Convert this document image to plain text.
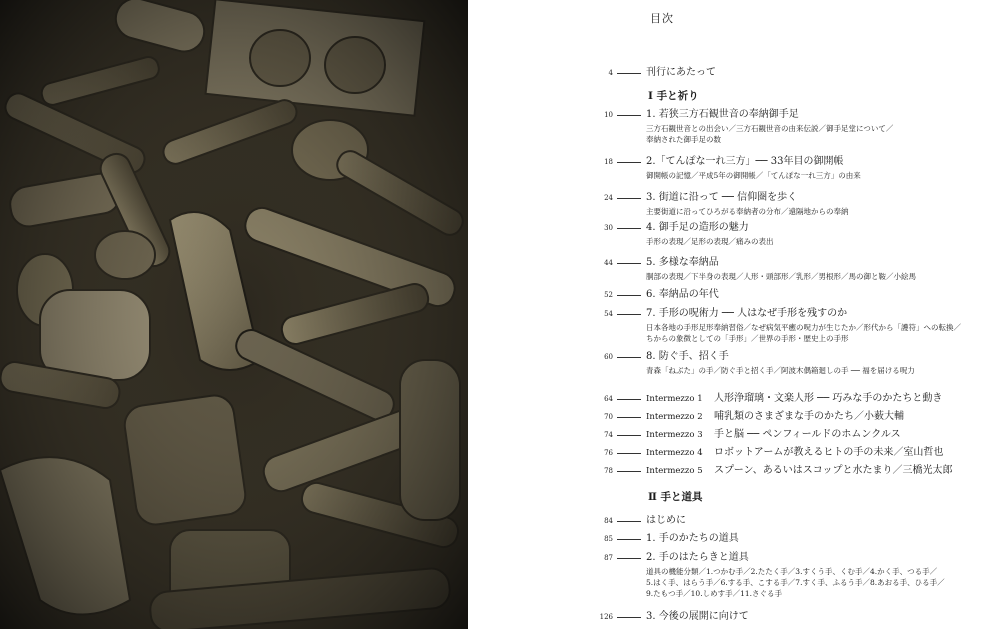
目次
Ⅰ 手と祈り
Ⅱ 手と道具
4	刊行にあたって
10	1. 若狭三方石観世音の奉納御手足
三方石観世音との出会い／三方石観世音の由来伝説／御手足堂について／
奉納された御手足の数
18	2.「てんぽな一れ三方」── 33年目の御開帳
御開帳の記憶／平成5年の御開帳／「てんぽな一れ三方」の由来
24	3. 街道に沿って ── 信仰圏を歩く
主要街道に沿ってひろがる奉納者の分布／遠隔地からの奉納
30	4. 御手足の造形の魅力
手形の表現／足形の表現／痛みの表出
44	5. 多様な奉納品
胴部の表現／下半身の表現／人形・頭部形／乳形／男根形／馬の御と鞍／小絵馬
52	6. 奉納品の年代
54	7. 手形の呪術力 ── 人はなぜ手形を残すのか
日本各地の手形足形奉納習俗／なぜ病気平癒の呪力が生じたか／形代から「護符」への転換／
ちからの象徴としての「手形」／世界の手形・歴史上の手形
60	8. 防ぐ手、招く手
青森「ねぶた」の手／防ぐ手と招く手／阿波木偶箱廻しの手 ── 福を届ける呪力
64	Intermezzo 1 人形浄瑠璃・文楽人形 ── 巧みな手のかたちと動き
70	Intermezzo 2 哺乳類のさまざまな手のかたち／小薮大輔
74	Intermezzo 3 手と脳 ── ペンフィールドのホムンクルス
76	Intermezzo 4 ロボットアームが教えるヒトの手の未来／室山哲也
78	Intermezzo 5 スプーン、あるいはスコップと水たまり／三橋光太郎
84	はじめに
85	1. 手のかたちの道具
87	2. 手のはたらきと道具
道具の機能分類／1.つかむ手／2.たたく手／3.すくう手、くむ手／4.かく手、つる手／
5.はく手、はらう手／6.する手、こする手／7.すく手、ふるう手／8.あおる手、ひる手／
9.たもつ手／10.しめす手／11.さぐる手
126	3. 今後の展開に向けて
